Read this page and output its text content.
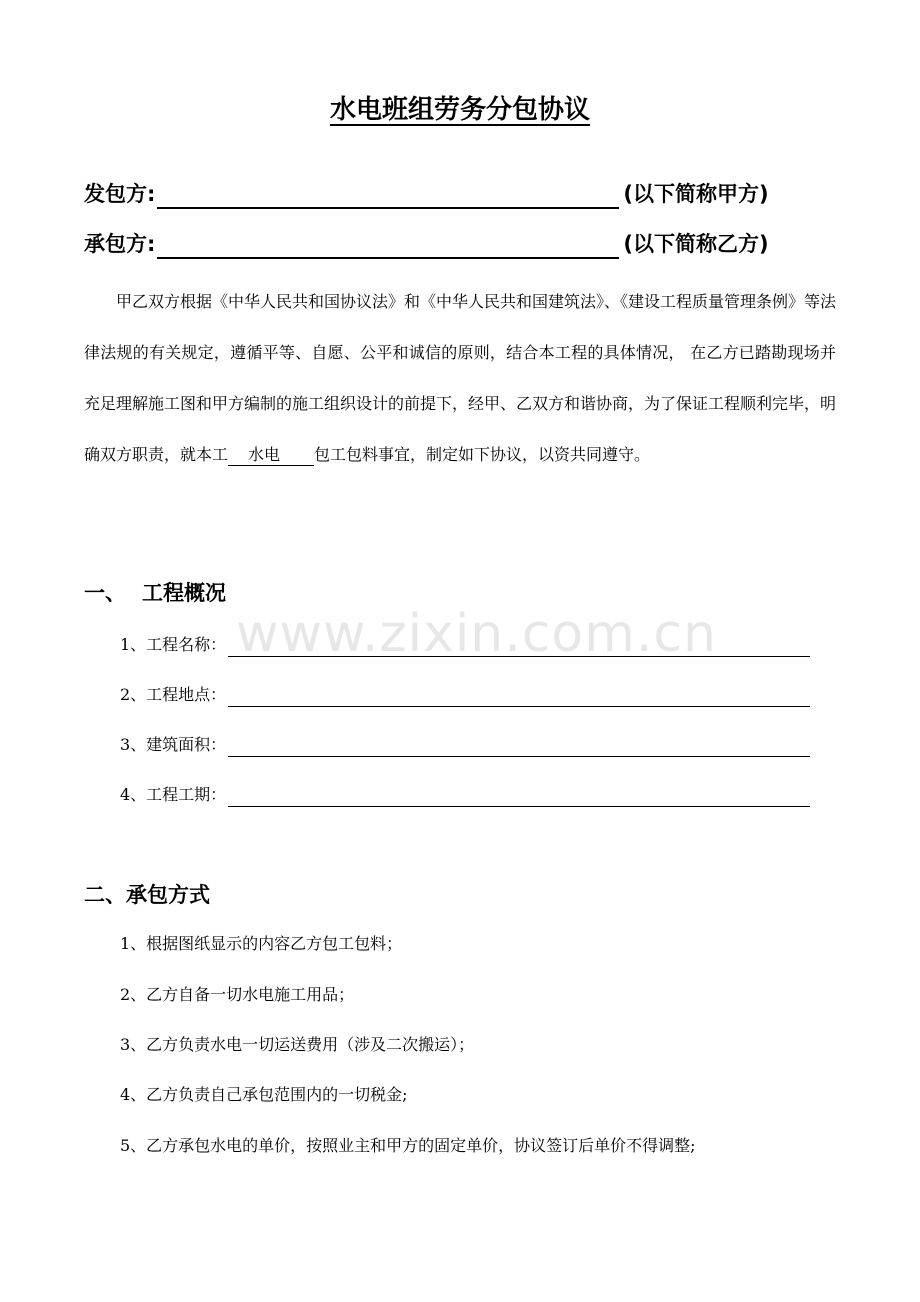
水电班组劳务分包协议
发包方:	(以下简称甲方)
承包方:	(以下简称乙方)
甲乙双方根据《中华人民共和国协议法》和《中华人民共和国建筑法》、《建设工程质量管理条例》等法律法规的有关规定，遵循平等、自愿、公平和诚信的原则，结合本工程的具体情况， 在乙方已踏勘现场并充足理解施工图和甲方编制的施工组织设计的前提下，经甲、乙双方和谐协商，为了保证工程顺利完毕，明确双方职责，就本工 水电 包工包料事宜，制定如下协议，以资共同遵守。
一、 工程概况
www.zixin.com.cn
1、工程名称：
2、工程地点：
3、建筑面积：
4、工程工期：
二、承包方式
1、根据图纸显示的内容乙方包工包料；
2、乙方自备一切水电施工用品；
3、乙方负责水电一切运送费用（涉及二次搬运）；
4、乙方负责自己承包范围内的一切税金;
5、乙方承包水电的单价，按照业主和甲方的固定单价，协议签订后单价不得调整;
